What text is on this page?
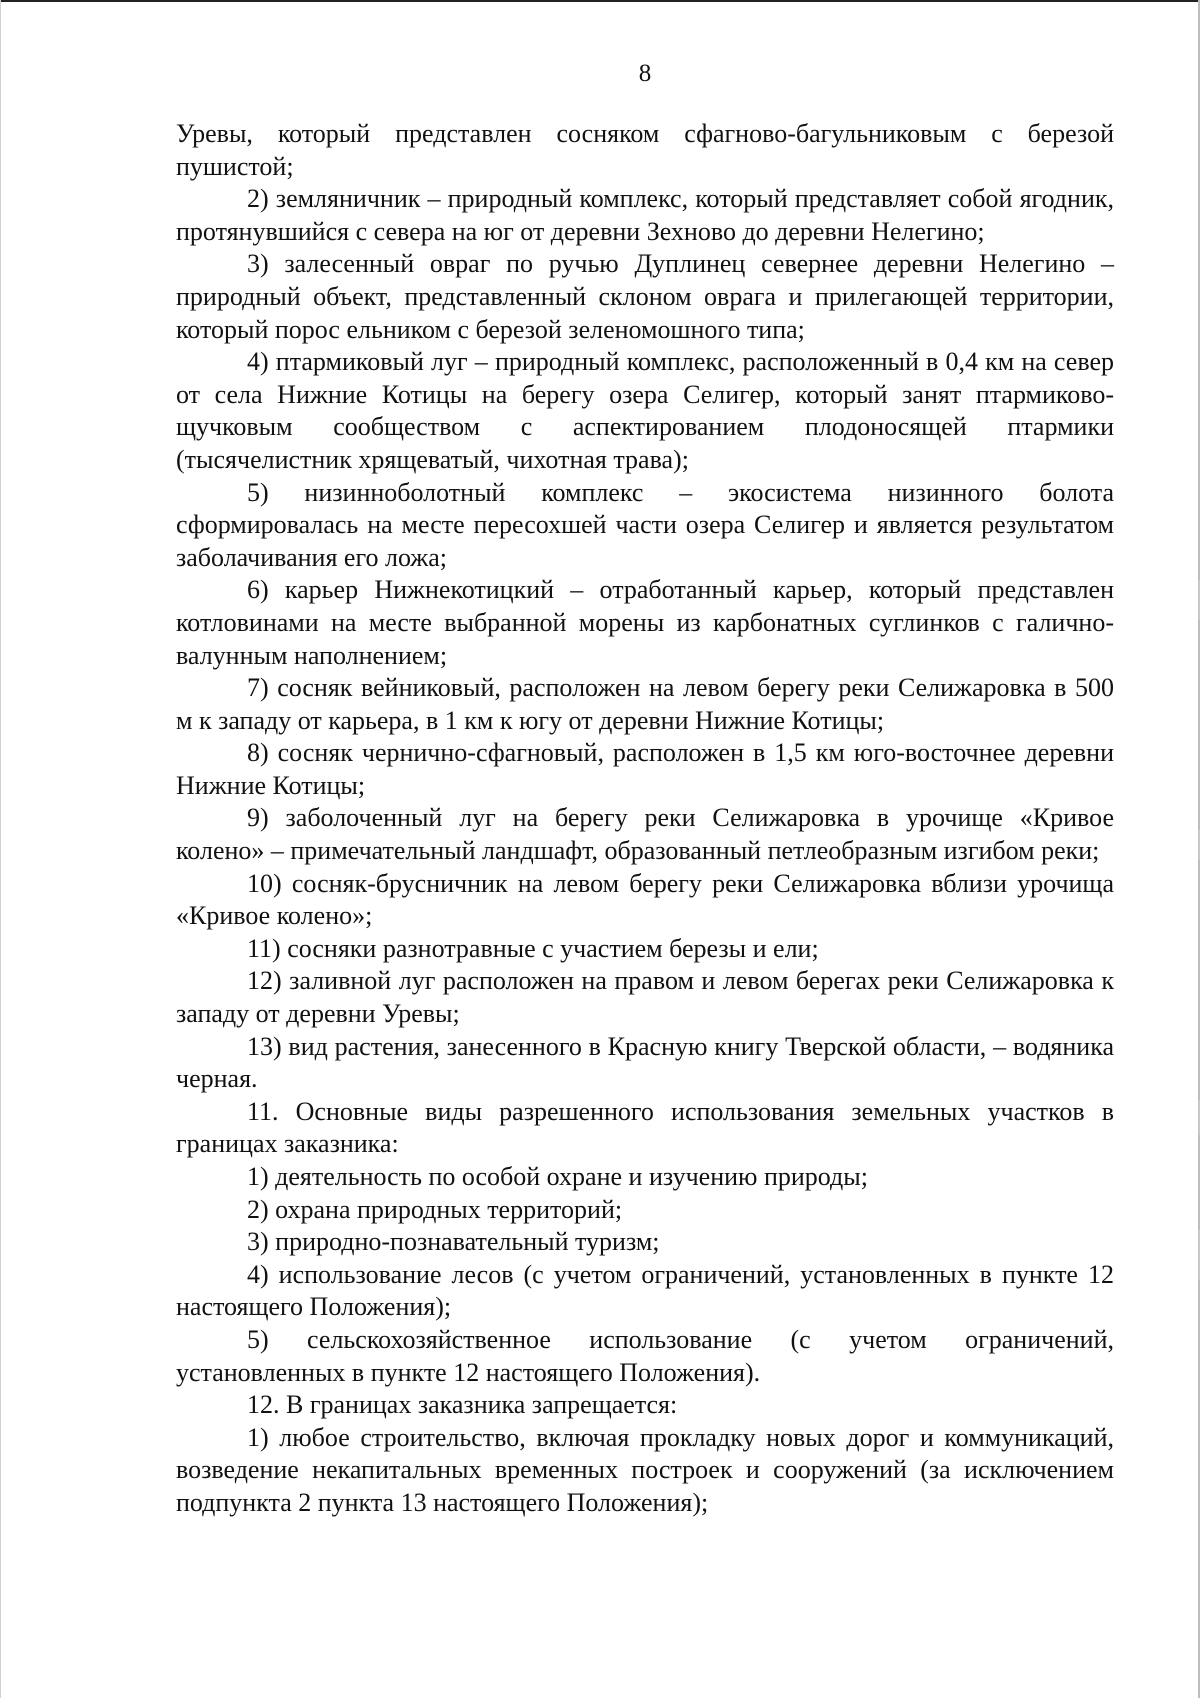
8

Уревы, который представлен сосняком сфагново-багульниковым с березой пушистой;

2) земляничник – природный комплекс, который представляет собой ягодник, протянувшийся с севера на юг от деревни Зехново до деревни Нелегино;

3) залесенный овраг по ручью Дуплинец севернее деревни Нелегино – природный объект, представленный склоном оврага и прилегающей территории, который порос ельником с березой зеленомошного типа;

4) птармиковый луг – природный комплекс, расположенный в 0,4 км на север от села Нижние Котицы на берегу озера Селигер, который занят птармиково-щучковым сообществом с аспектированием плодоносящей птармики (тысячелистник хрящеватый, чихотная трава);

5) низинноболотный комплекс – экосистема низинного болота сформировалась на месте пересохшей части озера Селигер и является результатом заболачивания его ложа;

6) карьер Нижнекотицкий – отработанный карьер, который представлен котловинами на месте выбранной морены из карбонатных суглинков с галично-валунным наполнением;

7) сосняк вейниковый, расположен на левом берегу реки Селижаровка в 500 м к западу от карьера, в 1 км к югу от деревни Нижние Котицы;

8) сосняк чернично-сфагновый, расположен в 1,5 км юго-восточнее деревни Нижние Котицы;

9) заболоченный луг на берегу реки Селижаровка в урочище «Кривое колено» – примечательный ландшафт, образованный петлеобразным изгибом реки;

10) сосняк-брусничник на левом берегу реки Селижаровка вблизи урочища «Кривое колено»;

11) сосняки разнотравные с участием березы и ели;

12) заливной луг расположен на правом и левом берегах реки Селижаровка к западу от деревни Уревы;

13) вид растения, занесенного в Красную книгу Тверской области, – водяника черная.

11. Основные виды разрешенного использования земельных участков в границах заказника:

1) деятельность по особой охране и изучению природы;

2) охрана природных территорий;

3) природно-познавательный туризм;

4) использование лесов (с учетом ограничений, установленных в пункте 12 настоящего Положения);

5) сельскохозяйственное использование (с учетом ограничений, установленных в пункте 12 настоящего Положения).

12. В границах заказника запрещается:

1) любое строительство, включая прокладку новых дорог и коммуникаций, возведение некапитальных временных построек и сооружений (за исключением подпункта 2 пункта 13 настоящего Положения);
